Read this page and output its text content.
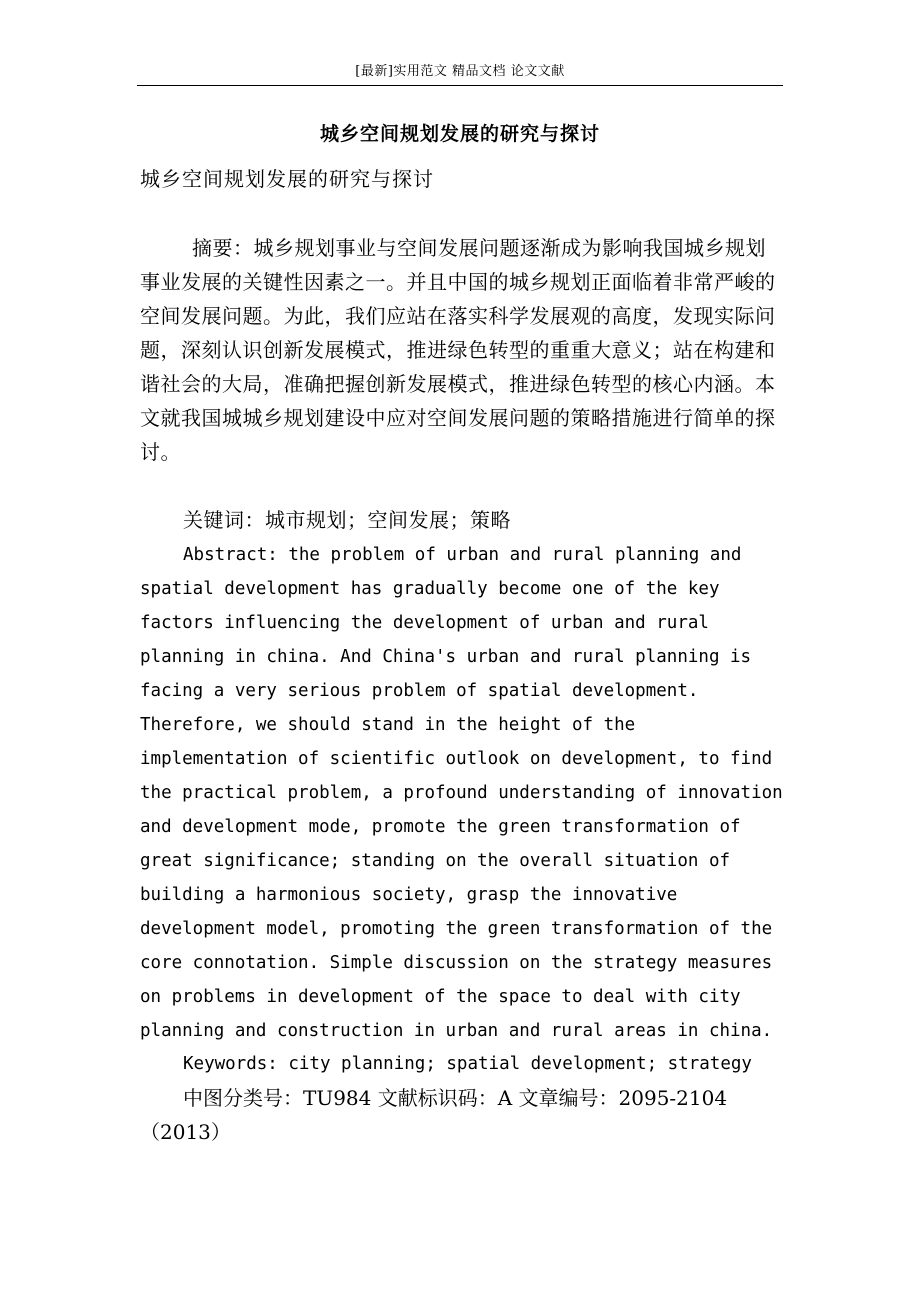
[最新]实用范文 精品文档 论文文献
城乡空间规划发展的研究与探讨
城乡空间规划发展的研究与探讨

摘要：城乡规划事业与空间发展问题逐渐成为影响我国城乡规划事业发展的关键性因素之一。并且中国的城乡规划正面临着非常严峻的空间发展问题。为此，我们应站在落实科学发展观的高度，发现实际问题，深刻认识创新发展模式，推进绿色转型的重重大意义；站在构建和谐社会的大局，准确把握创新发展模式，推进绿色转型的核心内涵。本文就我国城城乡规划建设中应对空间发展问题的策略措施进行简单的探讨。

关键词：城市规划；空间发展；策略

Abstract: the problem of urban and rural planning and spatial development has gradually become one of the key factors influencing the development of urban and rural planning in china. And China's urban and rural planning is facing a very serious problem of spatial development. Therefore, we should stand in the height of the implementation of scientific outlook on development, to find the practical problem, a profound understanding of innovation and development mode, promote the green transformation of great significance; standing on the overall situation of building a harmonious society, grasp the innovative development model, promoting the green transformation of the core connotation. Simple discussion on the strategy measures on problems in development of the space to deal with city planning and construction in urban and rural areas in china.

Keywords: city planning; spatial development; strategy

中图分类号：TU984 文献标识码：A 文章编号：2095-2104（2013）
